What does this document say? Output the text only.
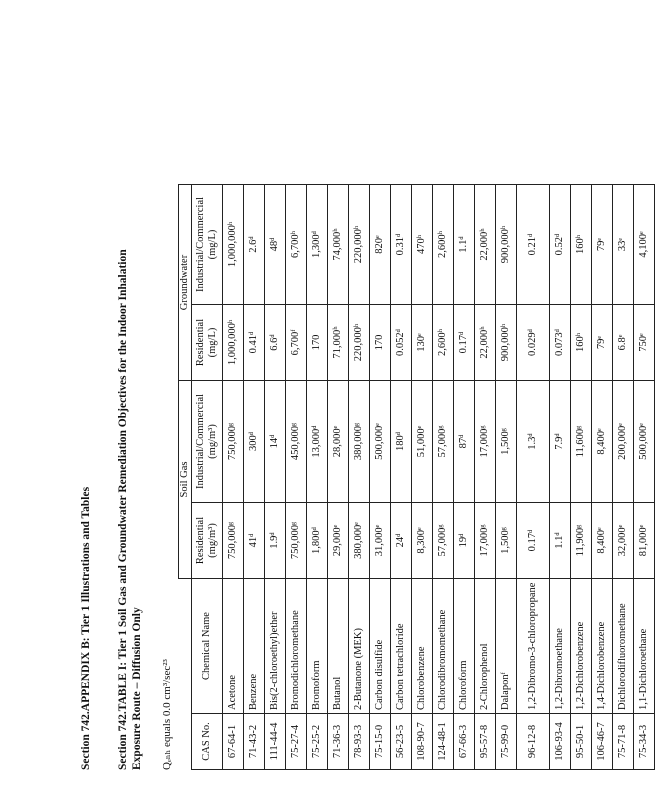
Section 742.APPENDIX B: Tier 1 Illustrations and Tables Section 742.TABLE I: Tier 1 Soil Gas and Groundwater Remediation Objectives for the Indoor Inhalation Exposure Route – Diffusion Only Qₑₙₕ equals 0.0 cm³/sec²³
		Soil Gas		Groundwater	
CAS No.	Chemical Name	Residential (mg/m³)	Industrial/Commercial (mg/m³)	Residential (mg/L)	Industrial/Commercial (mg/L)
67-64-1	Acetone	750,000ᵍ	750,000ᵍ	1,000,000ʰ	1,000,000ʰ
71-43-2	Benzene	41ᵈ	300ᵈ	0.41ᵈ	2.6ᵈ
111-44-4	Bis(2-chloroethyl)ether	1.9ᵈ	14ᵈ	6.6ᵈ	48ᵈ
75-27-4	Bromodichloromethane	750,000ᵍ	450,000ᵍ	6,700ᶠ	6,700ʰ
75-25-2	Bromoform	1,800ᵈ	13,000ᵈ	170	1,300ᵈ
71-36-3	Butanol	29,000ᵉ	28,000ᵉ	71,000ʰ	74,000ʰ
78-93-3	2-Butanone (MEK)	380,000ᵉ	380,000ᵍ	220,000ʰ	220,000ʰ
75-15-0	Carbon disulfide	31,000ᵉ	500,000ᵉ	170	820ᵉ
56-23-5	Carbon tetrachloride	24ᵈ	180ᵈ	0.052ᵈ	0.31ᵈ
108-90-7	Chlorobenzene	8,300ᵉ	51,000ᵉ	130ᵉ	470ʰ
124-48-1	Chlorodibromomethane	57,000ᵍ	57,000ᵍ	2,600ʰ	2,600ʰ
67-66-3	Chloroform	19ᵈ	87ᵈ	0.17ᵈ	1.1ᵈ
95-57-8	2-Chlorophenol	17,000ᵍ	17,000ᵍ	22,000ʰ	22,000ʰ
75-99-0	Dalaponᶠ	1,500ᵍ	1,500ᵍ	900,000ʰ	900,000ʰ
96-12-8	1,2-Dibromo-3-chloropropane	0.17ᵈ	1.3ᵈ	0.029ᵈ	0.21ᵈ
106-93-4	1,2-Dibromoethane	1.1ᵈ	7.9ᵈ	0.073ᵈ	0.52ᵈ
95-50-1	1,2-Dichlorobenzene	11,900ᵍ	11,600ᵍ	160ʰ	160ʰ
106-46-7	1,4-Dichlorobenzene	8,400ᵉ	8,400ᵉ	79ᵉ	79ᵉ
75-71-8	Dichlorodifluoromethane	32,000ᵉ	200,000ᵉ	6.8ᵉ	33ᵉ
75-34-3	1,1-Dichloroethane	81,000ᵉ	500,000ᵉ	750ᵉ	4,100ᵉ
